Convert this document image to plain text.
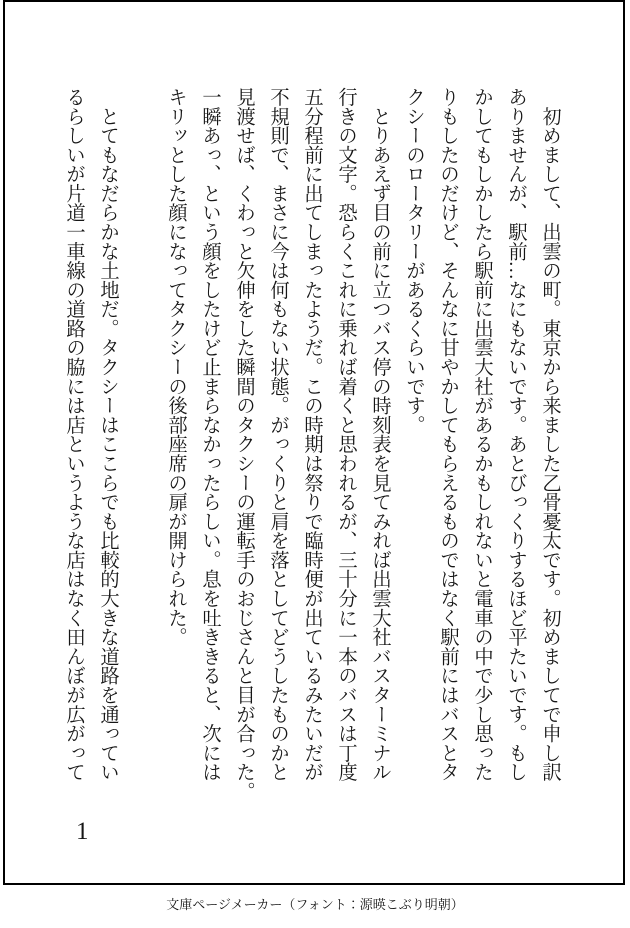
　初めまして、出雲の町。東京から来ました乙骨憂太です。初めましてで申し訳
ありませんが、駅前…なにもないです。あとびっくりするほど平たいです。もし
かしてもしかしたら駅前に出雲大社があるかもしれないと電車の中で少し思った
りもしたのだけど、そんなに甘やかしてもらえるものではなく駅前にはバスとタ
クシーのロータリーがあるくらいです。
　とりあえず目の前に立つバス停の時刻表を見てみれば出雲大社バスターミナル
行きの文字。恐らくこれに乗れば着くと思われるが、三十分に一本のバスは丁度
五分程前に出てしまったようだ。この時期は祭りで臨時便が出ているみたいだが
不規則で、まさに今は何もない状態。がっくりと肩を落としてどうしたものかと
見渡せば、くわっと欠伸をした瞬間のタクシーの運転手のおじさんと目が合った。
一瞬あっ、という顔をしたけど止まらなかったらしい。息を吐ききると、次には
キリッとした顔になってタクシーの後部座席の扉が開けられた。

　とてもなだらかな土地だ。タクシーはここらでも比較的大きな道路を通ってい
るらしいが片道一車線の道路の脇には店というような店はなく田んぼが広がって
1
文庫ページメーカー（フォント：源暎こぶり明朝）
